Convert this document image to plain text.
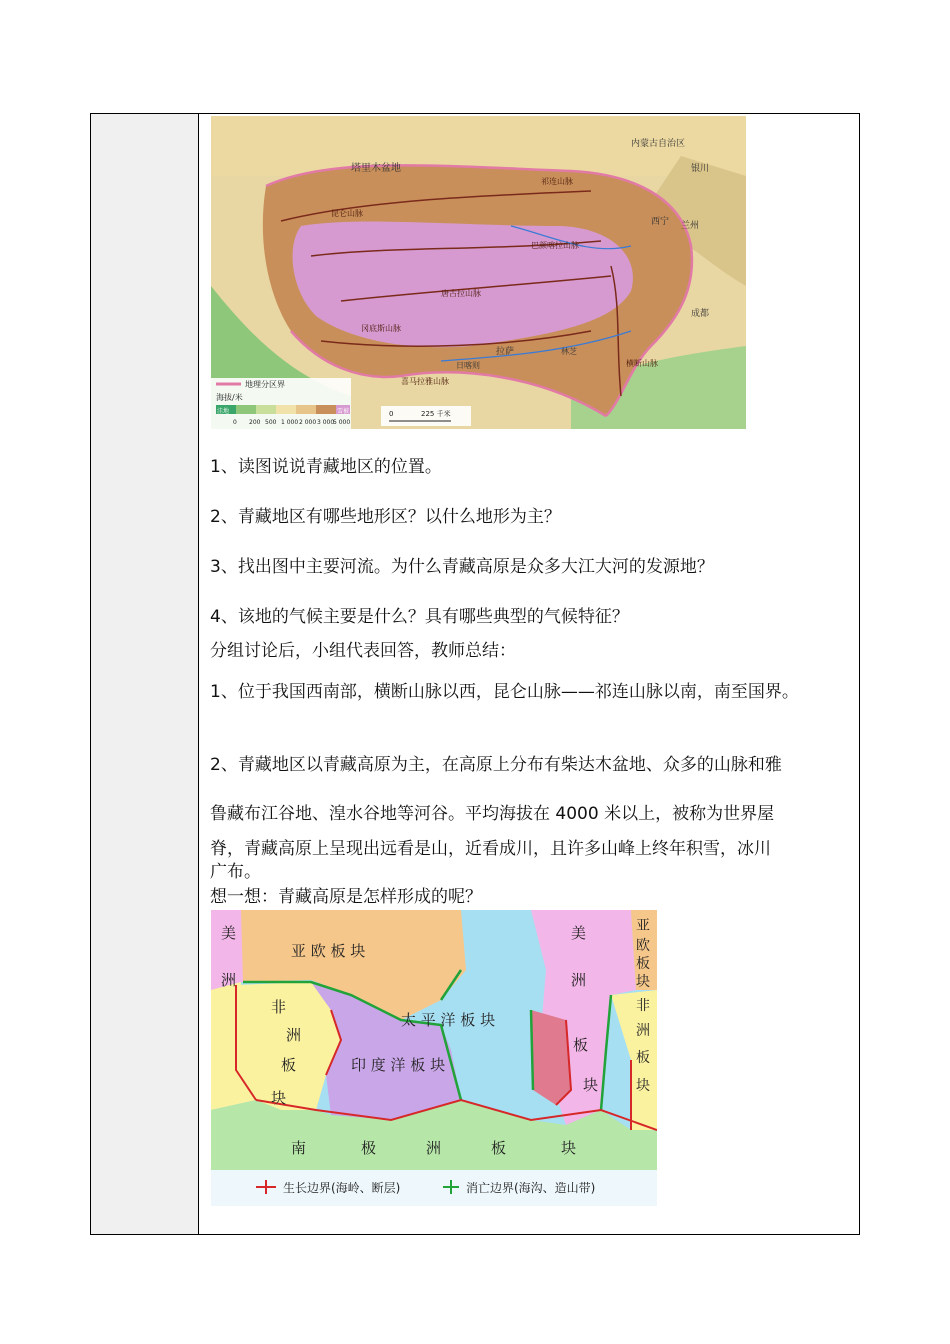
塔里木盆地
内蒙古自治区
银川
西宁 兰州
成都
拉萨
日喀则
林芝
昆仑山脉
唐古拉山脉
巴颜喀拉山脉
冈底斯山脉
喜马拉雅山脉
横断山脉
祁连山脉
地理分区界
海拔/米
洼地	雪被
0 200 500 1 000 2 000 3 000
5 000
0	225 千米
1、读图说说青藏地区的位置。
2、青藏地区有哪些地形区？以什么地形为主？
3、找出图中主要河流。为什么青藏高原是众多大江大河的发源地？
4、该地的气候主要是什么？具有哪些典型的气候特征？
分组讨论后，小组代表回答，教师总结：
1、位于我国西南部，横断山脉以西，昆仑山脉——祁连山脉以南，南至国界。
2、青藏地区以青藏高原为主，在高原上分布有柴达木盆地、众多的山脉和雅
鲁藏布江谷地、湟水谷地等河谷。平均海拔在 4000 米以上，被称为世界屋
脊，青藏高原上呈现出远看是山，近看成川，且许多山峰上终年积雪，冰川
广布。
想一想：青藏高原是怎样形成的呢？
亚 欧 板 块
美
洲
非
洲
板
块
印 度 洋 板 块
太 平 洋 板 块
美
洲
板
块
亚
欧
板
块
非
洲
板
块
南	极	洲	板	块
生长边界(海岭、断层)	消亡边界(海沟、造山带)
